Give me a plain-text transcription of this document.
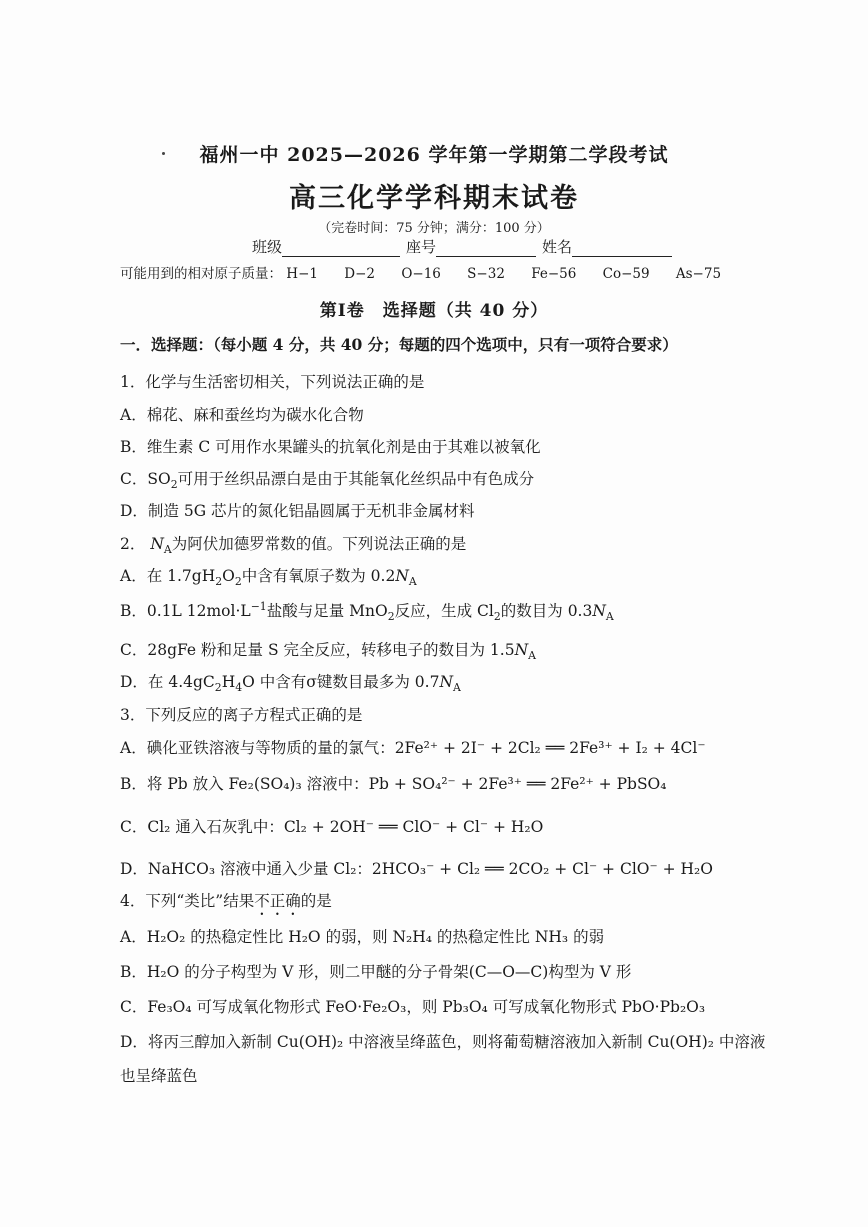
福州一中 2025—2026 学年第一学期第二学段考试
高三化学学科期末试卷
（完卷时间：75 分钟；满分：100 分）
班级	座号	姓名
可能用到的相对原子质量： H−1 D−2 O−16 S−32 Fe−56 Co−59 As−75
第Ⅰ卷　选择题（共 40 分）
一．选择题：（每小题 4 分，共 40 分；每题的四个选项中，只有一项符合要求）
1．化学与生活密切相关，下列说法正确的是
A．棉花、麻和蚕丝均为碳水化合物
B．维生素 C 可用作水果罐头的抗氧化剂是由于其难以被氧化
C．$SO_2$可用于丝织品漂白是由于其能氧化丝织品中有色成分
D．制造 5G 芯片的氮化铝晶圆属于无机非金属材料
2． $N_A$为阿伏加德罗常数的值。下列说法正确的是
A．在 $1.7gH_2O_2$中含有氧原子数为 $0.2N_A$
B．0.1L $12mol\cdot L^{-1}$盐酸与足量 MnO$_2$反应，生成 $Cl_2$的数目为 $0.3N_A$
C．28gFe 粉和足量 S 完全反应，转移电子的数目为 $1.5N_A$
D．在 $4.4gC_2H_4O$ 中含有σ键数目最多为 $0.7N_A$
3．下列反应的离子方程式正确的是
A．碘化亚铁溶液与等物质的量的氯气：2Fe²⁺ + 2I⁻ + 2Cl₂ ══ 2Fe³⁺ + I₂ + 4Cl⁻
B．将 Pb 放入 Fe₂(SO₄)₃ 溶液中：Pb + SO₄²⁻ + 2Fe³⁺ ══ 2Fe²⁺ + PbSO₄
C．Cl₂ 通入石灰乳中：Cl₂ + 2OH⁻ ══ ClO⁻ + Cl⁻ + H₂O
D．NaHCO₃ 溶液中通入少量 Cl₂：2HCO₃⁻ + Cl₂ ══ 2CO₂ + Cl⁻ + ClO⁻ + H₂O
4．下列“类比”结果不正确的是
A．H₂O₂ 的热稳定性比 H₂O 的弱，则 N₂H₄ 的热稳定性比 NH₃ 的弱
B．H₂O 的分子构型为 V 形，则二甲醚的分子骨架(C—O—C)构型为 V 形
C．Fe₃O₄ 可写成氧化物形式 FeO·Fe₂O₃，则 Pb₃O₄ 可写成氧化物形式 PbO·Pb₂O₃
D．将丙三醇加入新制 Cu(OH)₂ 中溶液呈绛蓝色，则将葡萄糖溶液加入新制 Cu(OH)₂ 中溶液
也呈绛蓝色
